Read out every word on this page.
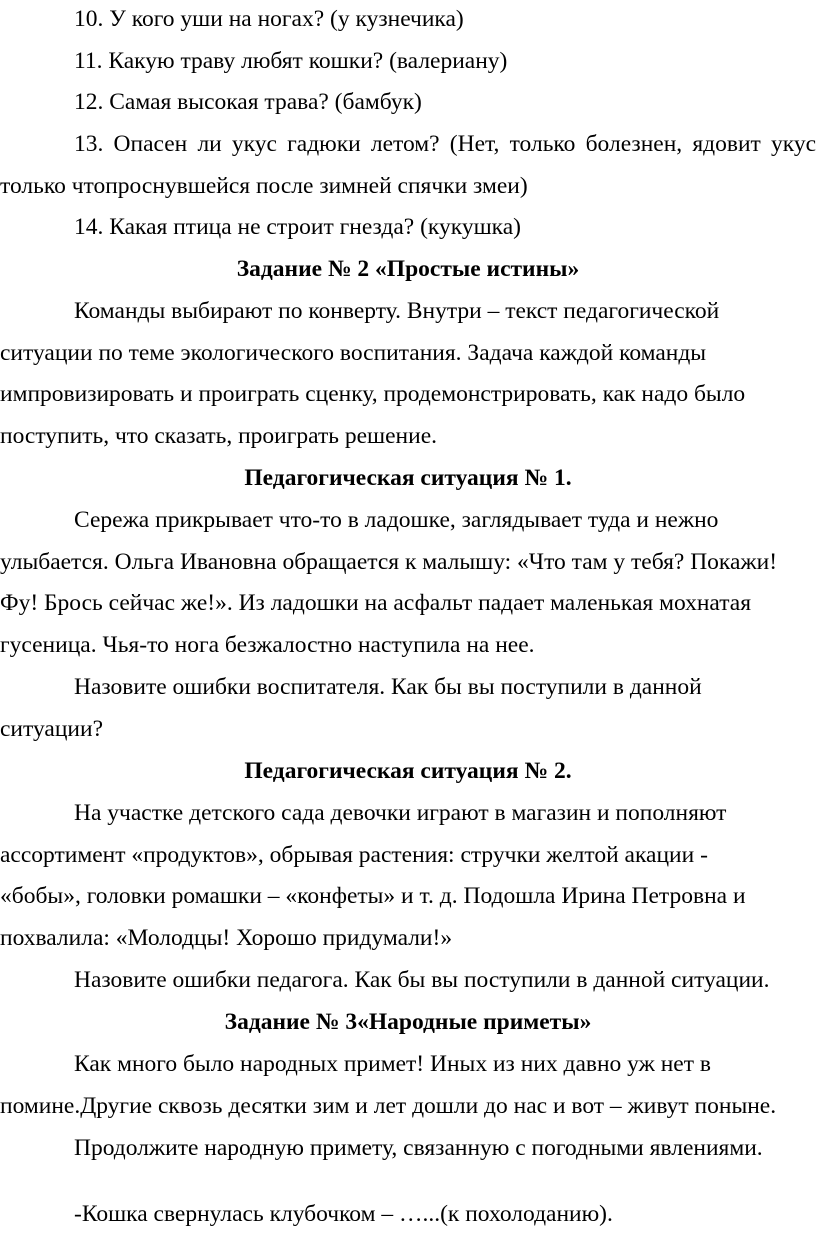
10. У кого уши на ногах? (у кузнечика)
11. Какую траву любят кошки? (валериану)
12. Самая высокая трава? (бамбук)
13. Опасен ли укус гадюки летом? (Нет, только болезнен, ядовит укус
только чтопроснувшейся после зимней спячки змеи)
14. Какая птица не строит гнезда? (кукушка)
Задание № 2 «Простые истины»
Команды выбирают по конверту. Внутри – текст педагогической
ситуации по теме экологического воспитания. Задача каждой команды
импровизировать и проиграть сценку, продемонстрировать, как надо было
поступить, что сказать, проиграть решение.
Педагогическая ситуация № 1.
Сережа прикрывает что-то в ладошке, заглядывает туда и нежно
улыбается. Ольга Ивановна обращается к малышу: «Что там у тебя? Покажи!
Фу! Брось сейчас же!». Из ладошки на асфальт падает маленькая мохнатая
гусеница. Чья-то нога безжалостно наступила на нее.
Назовите ошибки воспитателя. Как бы вы поступили в данной
ситуации?
Педагогическая ситуация № 2.
На участке детского сада девочки играют в магазин и пополняют
ассортимент «продуктов», обрывая растения: стручки желтой акации -
«бобы», головки ромашки – «конфеты» и т. д. Подошла Ирина Петровна и
похвалила: «Молодцы! Хорошо придумали!»
Назовите ошибки педагога. Как бы вы поступили в данной ситуации.
Задание № 3«Народные приметы»
Как много было народных примет! Иных из них давно уж нет в
помине.Другие сквозь десятки зим и лет дошли до нас и вот – живут поныне.
Продолжите народную примету, связанную с погодными явлениями.
-Кошка свернулась клубочком – …...(к похолоданию).
